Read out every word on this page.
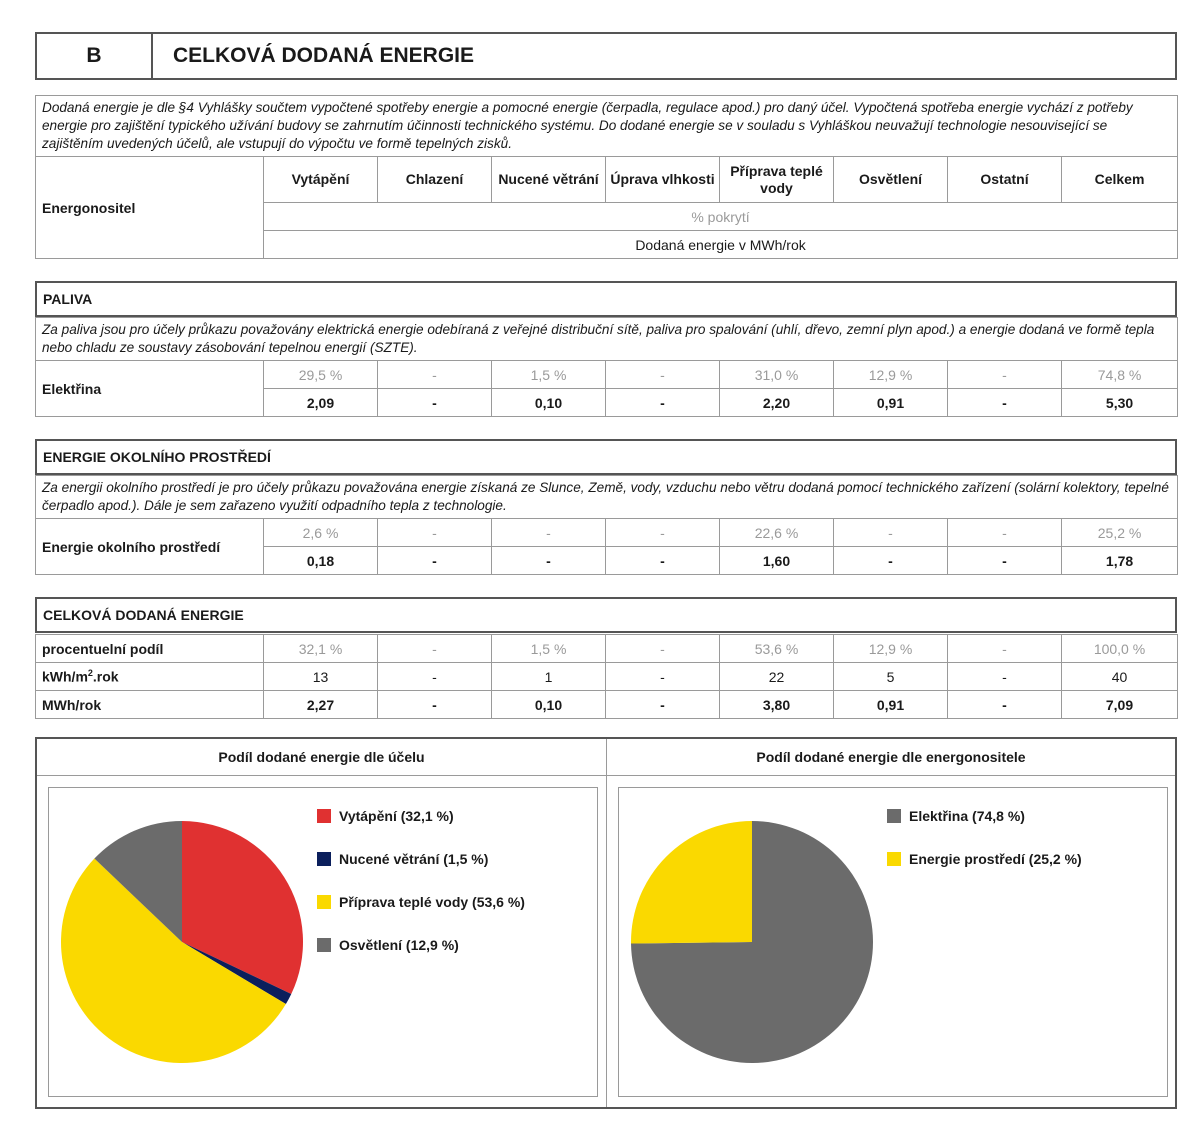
B	CELKOVÁ DODANÁ ENERGIE
Dodaná energie je dle §4 Vyhlášky součtem vypočtené spotřeby energie a pomocné energie (čerpadla, regulace apod.) pro daný účel. Vypočtená spotřeba energie vychází z potřeby energie pro zajištění typického užívání budovy se zahrnutím účinnosti technického systému. Do dodané energie se v souladu s Vyhláškou neuvažují technologie nesouvisející se zajištěním uvedených účelů, ale vstupují do výpočtu ve formě tepelných zisků.
Energonositel	Vytápění	Chlazení	Nucené větrání	Úprava vlhkosti	Příprava teplé vody	Osvětlení	Ostatní	Celkem
% pokrytí
Dodaná energie v MWh/rok
PALIVA
Za paliva jsou pro účely průkazu považovány elektrická energie odebíraná z veřejné distribuční sítě, paliva pro spalování (uhlí, dřevo, zemní plyn apod.) a energie dodaná ve formě tepla nebo chladu ze soustavy zásobování tepelnou energií (SZTE).								
Elektřina	29,5 %	-	1,5 %	-	31,0 %	12,9 %	-	74,8 %
	2,09	-	0,10	-	2,20	0,91	-	5,30
ENERGIE OKOLNÍHO PROSTŘEDÍ
Za energii okolního prostředí je pro účely průkazu považována energie získaná ze Slunce, Země, vody, vzduchu nebo větru dodaná pomocí technického zařízení (solární kolektory, tepelné čerpadlo apod.). Dále je sem zařazeno využití odpadního tepla z technologie.								
Energie okolního prostředí	2,6 %	-	-	-	22,6 %	-	-	25,2 %
	0,18	-	-	-	1,60	-	-	1,78
CELKOVÁ DODANÁ ENERGIE
procentuelní podíl	32,1 %	-	1,5 %	-	53,6 %	12,9 %	-	100,0 %
kWh/$m^2.rok$	13	-	1	-	22	5	-	40
MWh/rok	2,27	-	0,10	-	3,80	0,91	-	7,09
Podíl dodané energie dle účelu	Podíl dodané energie dle energonositele
Vytápění (32,1 %)
Nucené větrání (1,5 %)
Příprava teplé vody (53,6 %)
Osvětlení (12,9 %)
Elektřina (74,8 %)
Energie prostředí (25,2 %)
